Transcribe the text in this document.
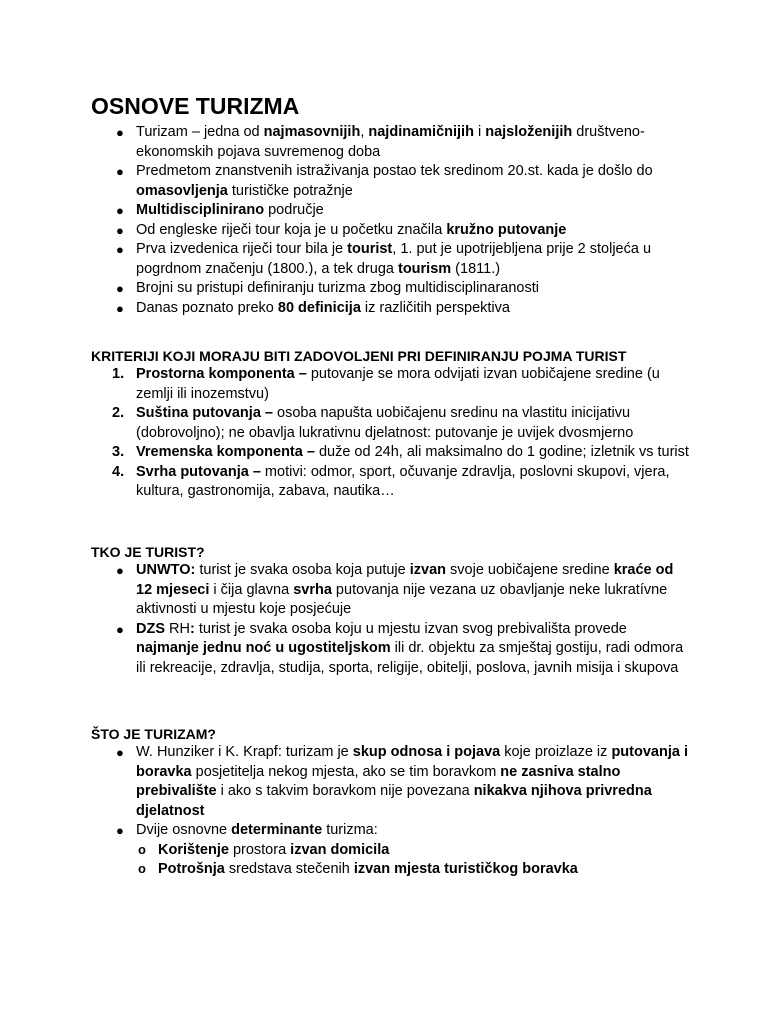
OSNOVE TURIZMA
● Turizam – jedna od najmasovnijih, najdinamičnijih i najsloženijih društveno-ekonomskih pojava suvremenog doba
● Predmetom znanstvenih istraživanja postao tek sredinom 20.st. kada je došlo do omasovljenja turističke potražnje
● Multidisciplinirano područje
● Od engleske riječi tour koja je u početku značila kružno putovanje
● Prva izvedenica riječi tour bila je tourist, 1. put je upotrijebljena prije 2 stoljeća u pogrdnom značenju (1800.), a tek druga tourism (1811.)
● Brojni su pristupi definiranju turizma zbog multidisciplinaranosti
● Danas poznato preko 80 definicija iz različitih perspektiva
KRITERIJI KOJI MORAJU BITI ZADOVOLJENI PRI DEFINIRANJU POJMA TURIST
1. Prostorna komponenta – putovanje se mora odvijati izvan uobičajene sredine (u zemlji ili inozemstvu)
2. Suština putovanja – osoba napušta uobičajenu sredinu na vlastitu inicijativu (dobrovoljno); ne obavlja lukrativnu djelatnost: putovanje je uvijek dvosmjerno
3. Vremenska komponenta – duže od 24h, ali maksimalno do 1 godine; izletnik vs turist
4. Svrha putovanja – motivi: odmor, sport, očuvanje zdravlja, poslovni skupovi, vjera, kultura, gastronomija, zabava, nautika…
TKO JE TURIST?
● UNWTO: turist je svaka osoba koja putuje izvan svoje uobičajene sredine kraće od 12 mjeseci i čija glavna svrha putovanja nije vezana uz obavljanje neke lukratívne aktivnosti u mjestu koje posjećuje
● DZS RH: turist je svaka osoba koju u mjestu izvan svog prebivališta provede najmanje jednu noć u ugostiteljskom ili dr. objektu za smještaj gostiju, radi odmora ili rekreacije, zdravlja, studija, sporta, religije, obitelji, poslova, javnih misija i skupova
ŠTO JE TURIZAM?
● W. Hunziker i K. Krapf: turizam je skup odnosa i pojava koje proizlaze iz putovanja i boravka posjetitelja nekog mjesta, ako se tim boravkom ne zasniva stalno prebivalište i ako s takvim boravkom nije povezana nikakva njihova privredna djelatnost
● Dvije osnovne determinante turizma:
o Korištenje prostora izvan domicila
o Potrošnja sredstava stečenih izvan mjesta turističkog boravka
